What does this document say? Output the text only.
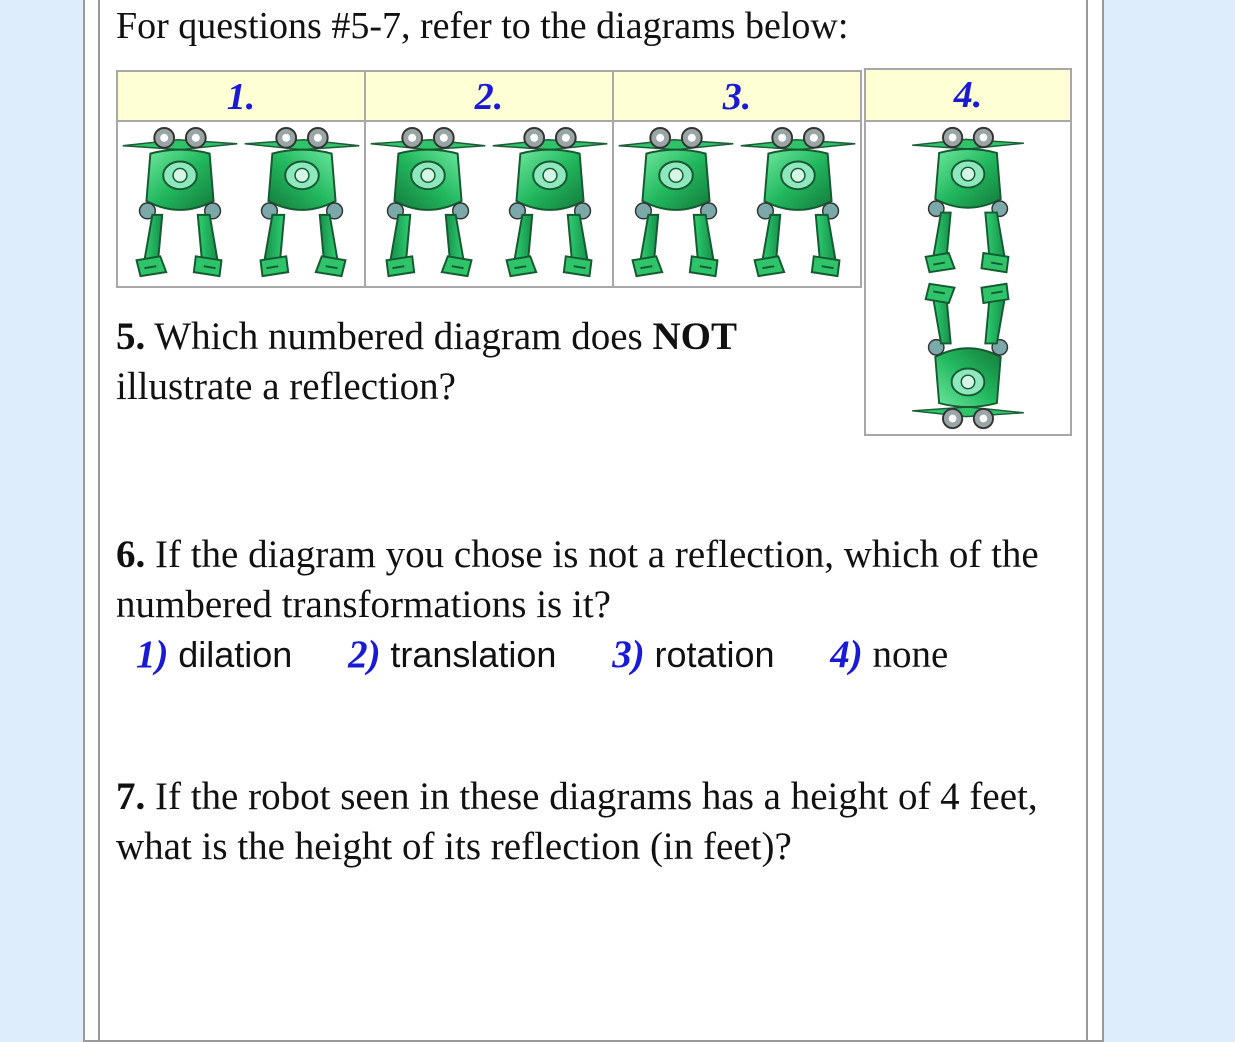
For questions #5-7, refer to the diagrams below:
1.	2.	3.	4.
5. Which numbered diagram does NOT illustrate a reflection?
6. If the diagram you chose is not a reflection, which of the numbered transformations is it?
1) dilation 2) translation 3) rotation 4) none
7. If the robot seen in these diagrams has a height of 4 feet, what is the height of its reflection (in feet)?
